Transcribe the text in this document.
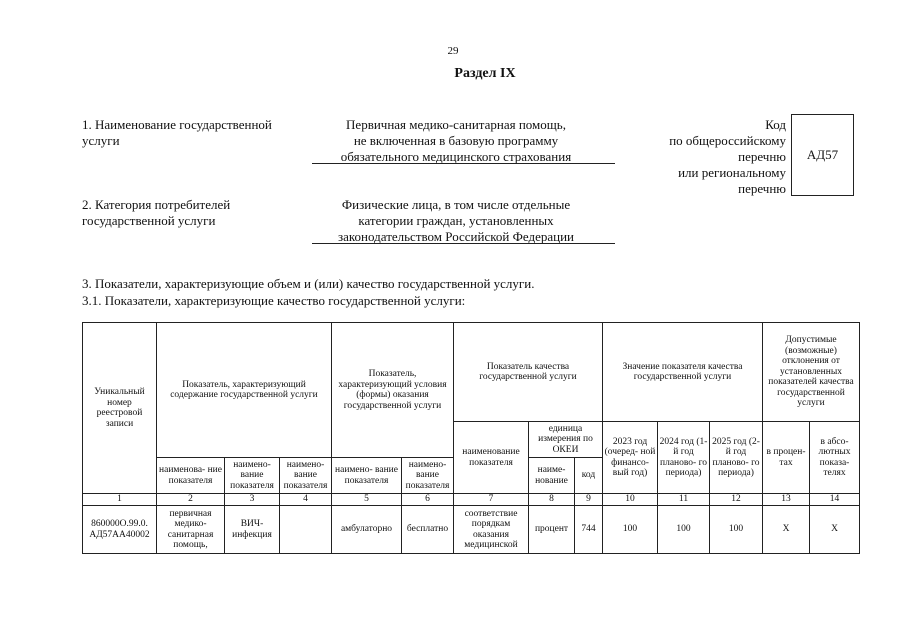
29
Раздел IX
1. Наименование государственной
услуги
Первичная медико-санитарная помощь,
не включенная в базовую программу
обязательного медицинского страхования
Код
по общероссийскому
перечню
или региональному
перечню
АД57
2. Категория потребителей
государственной услуги
Физические лица, в том числе отдельные
категории граждан, установленных
законодательством Российской Федерации
3. Показатели, характеризующие объем и (или) качество государственной услуги.
3.1. Показатели, характеризующие качество государственной услуги:
Уникальный номер реестровой записи	Показатель, характеризующий содержание государственной услуги			Показатель, характеризующий условия (формы) оказания государственной услуги		Показатель качества государственной услуги			Значение показателя качества государственной услуги			Допустимые (возможные) отклонения от установленных показателей качества государственной услуги	
						наименование показателя	единица измерения по ОКЕИ		2023 год (очеред- ной финансо- вый год)	2024 год (1-й год планово- го периода)	2025 год (2-й год планово- го периода)	в процен- тах	в абсо- лютных показа- телях
	наименова- ние показателя	наимено- вание показателя	наимено- вание показателя	наимено- вание показателя	наимено- вание показателя		наиме- нование	код					
1	2	3	4	5	6	7	8	9	10	11	12	13	14
860000О.99.0. АД57АА40002	первичная медико- санитарная помощь,	ВИЧ- инфекция		амбулаторно	бесплатно	соответствие порядкам оказания медицинской	процент	744	100	100	100	Х	Х
